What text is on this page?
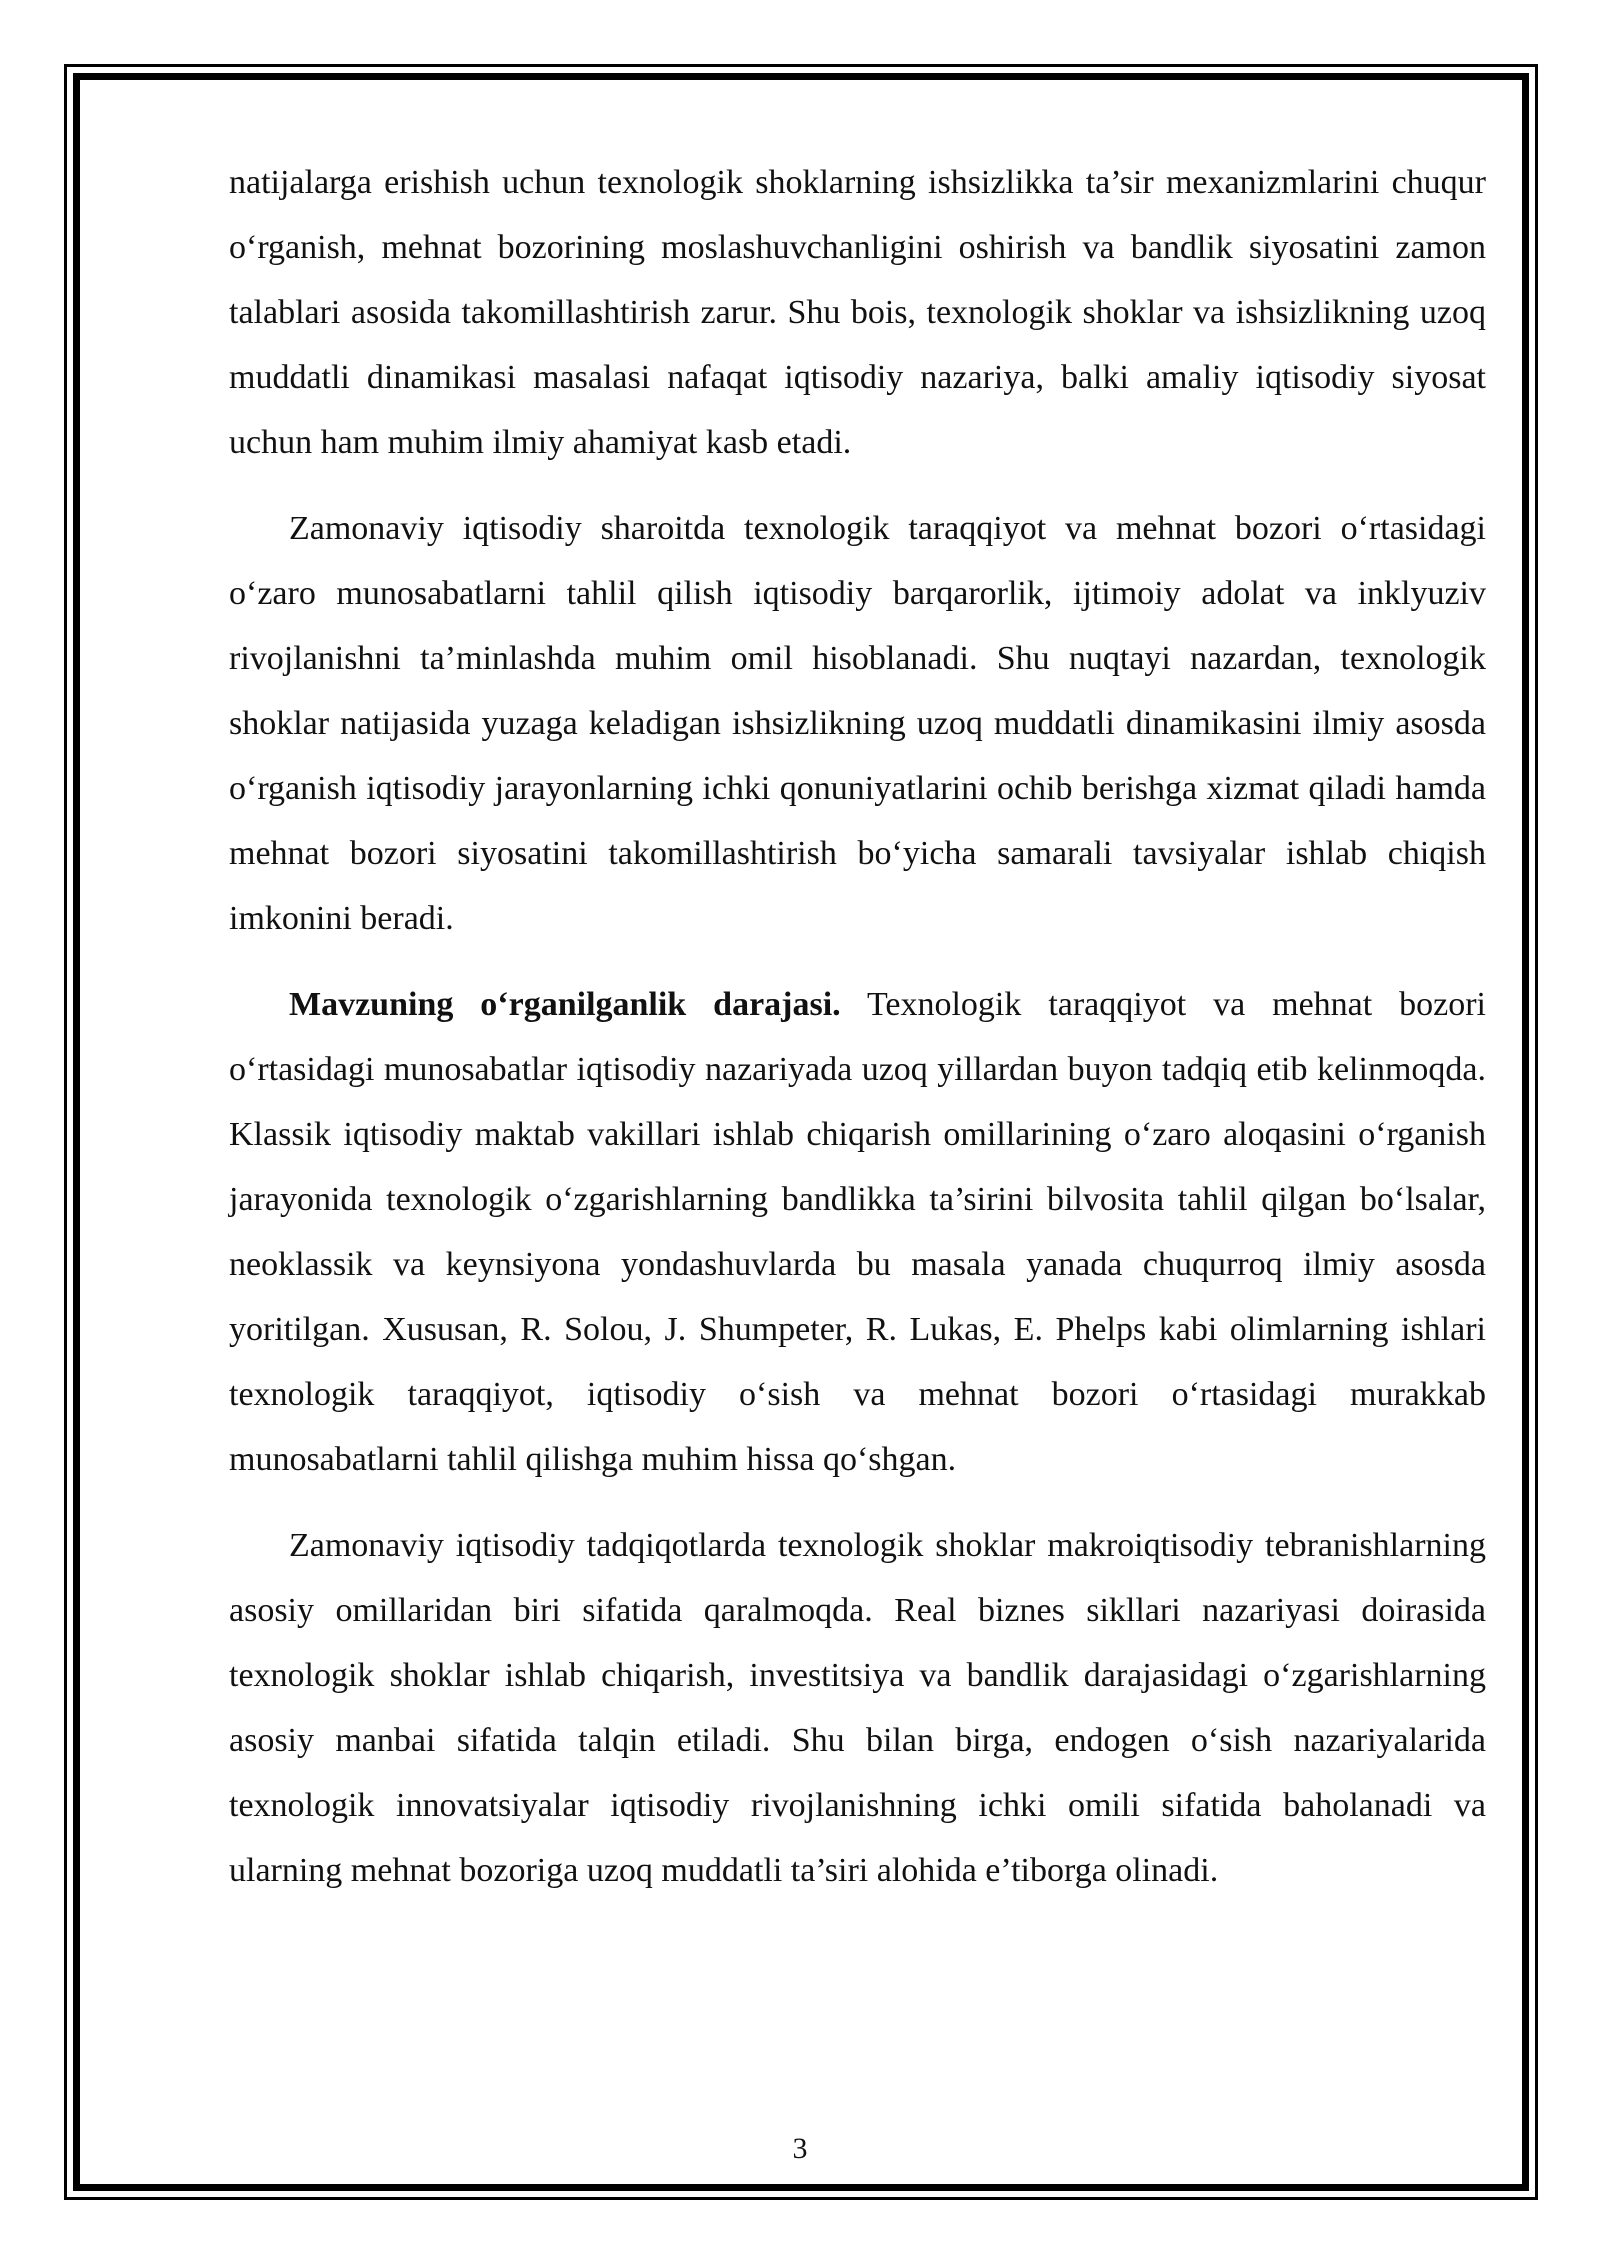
natijalarga erishish uchun texnologik shoklarning ishsizlikka ta’sir mexanizmlarini chuqur o‘rganish, mehnat bozorining moslashuvchanligini oshirish va bandlik siyosatini zamon talablari asosida takomillashtirish zarur. Shu bois, texnologik shoklar va ishsizlikning uzoq muddatli dinamikasi masalasi nafaqat iqtisodiy nazariya, balki amaliy iqtisodiy siyosat uchun ham muhim ilmiy ahamiyat kasb etadi.

Zamonaviy iqtisodiy sharoitda texnologik taraqqiyot va mehnat bozori o‘rtasidagi o‘zaro munosabatlarni tahlil qilish iqtisodiy barqarorlik, ijtimoiy adolat va inklyuziv rivojlanishni ta’minlashda muhim omil hisoblanadi. Shu nuqtayi nazardan, texnologik shoklar natijasida yuzaga keladigan ishsizlikning uzoq muddatli dinamikasini ilmiy asosda o‘rganish iqtisodiy jarayonlarning ichki qonuniyatlarini ochib berishga xizmat qiladi hamda mehnat bozori siyosatini takomillashtirish bo‘yicha samarali tavsiyalar ishlab chiqish imkonini beradi.

Mavzuning o‘rganilganlik darajasi. Texnologik taraqqiyot va mehnat bozori o‘rtasidagi munosabatlar iqtisodiy nazariyada uzoq yillardan buyon tadqiq etib kelinmoqda. Klassik iqtisodiy maktab vakillari ishlab chiqarish omillarining o‘zaro aloqasini o‘rganish jarayonida texnologik o‘zgarishlarning bandlikka ta’sirini bilvosita tahlil qilgan bo‘lsalar, neoklassik va keynsiyona yondashuvlarda bu masala yanada chuqurroq ilmiy asosda yoritilgan. Xususan, R. Solou, J. Shumpeter, R. Lukas, E. Phelps kabi olimlarning ishlari texnologik taraqqiyot, iqtisodiy o‘sish va mehnat bozori o‘rtasidagi murakkab munosabatlarni tahlil qilishga muhim hissa qo‘shgan.

Zamonaviy iqtisodiy tadqiqotlarda texnologik shoklar makroiqtisodiy tebranishlarning asosiy omillaridan biri sifatida qaralmoqda. Real biznes sikllari nazariyasi doirasida texnologik shoklar ishlab chiqarish, investitsiya va bandlik darajasidagi o‘zgarishlarning asosiy manbai sifatida talqin etiladi. Shu bilan birga, endogen o‘sish nazariyalarida texnologik innovatsiyalar iqtisodiy rivojlanishning ichki omili sifatida baholanadi va ularning mehnat bozoriga uzoq muddatli ta’siri alohida e’tiborga olinadi.

3
